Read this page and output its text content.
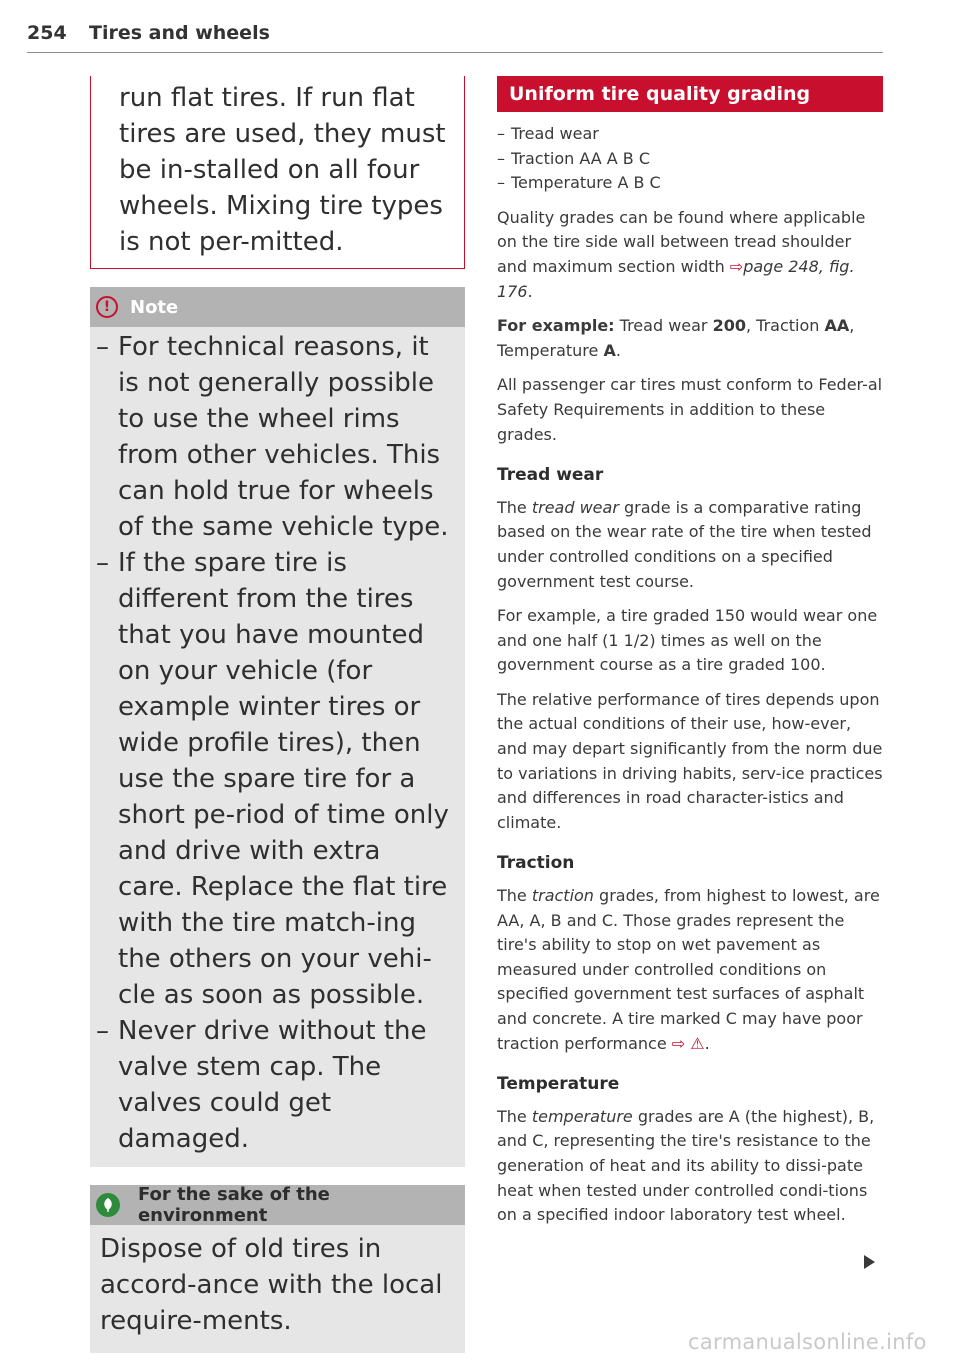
254 Tires and wheels
run flat tires. If run flat tires are used, they must be in-stalled on all four wheels. Mixing tire types is not per-mitted.
!	Note
– For technical reasons, it is not generally possible to use the wheel rims from other vehicles. This can hold true for wheels of the same vehicle type.
– If the spare tire is different from the tires that you have mounted on your vehicle (for example winter tires or wide profile tires), then use the spare tire for a short pe-riod of time only and drive with extra care. Replace the flat tire with the tire match-ing the others on your vehi-cle as soon as possible.
– Never drive without the valve stem cap. The valves could get damaged.
For the sake of the environment
Dispose of old tires in accord-ance with the local require-ments.
Uniform tire quality grading
– Tread wear
– Traction AA A B C
– Temperature A B C
Quality grades can be found where applicable on the tire side wall between tread shoulder and maximum section width ⇨page 248, fig. 176.
For example: Tread wear 200, Traction AA, Temperature A.
All passenger car tires must conform to Feder-al Safety Requirements in addition to these grades.
Tread wear
The tread wear grade is a comparative rating based on the wear rate of the tire when tested under controlled conditions on a specified government test course.
For example, a tire graded 150 would wear one and one half (1 1/2) times as well on the government course as a tire graded 100.
The relative performance of tires depends upon the actual conditions of their use, how-ever, and may depart significantly from the norm due to variations in driving habits, serv-ice practices and differences in road character-istics and climate.
Traction
The traction grades, from highest to lowest, are AA, A, B and C. Those grades represent the tire's ability to stop on wet pavement as measured under controlled conditions on specified government test surfaces of asphalt and concrete. A tire marked C may have poor traction performance ⇨ ⚠.
Temperature
The temperature grades are A (the highest), B, and C, representing the tire's resistance to the generation of heat and its ability to dissi-pate heat when tested under controlled condi-tions on a specified indoor laboratory test wheel.
carmanualsonline.info
